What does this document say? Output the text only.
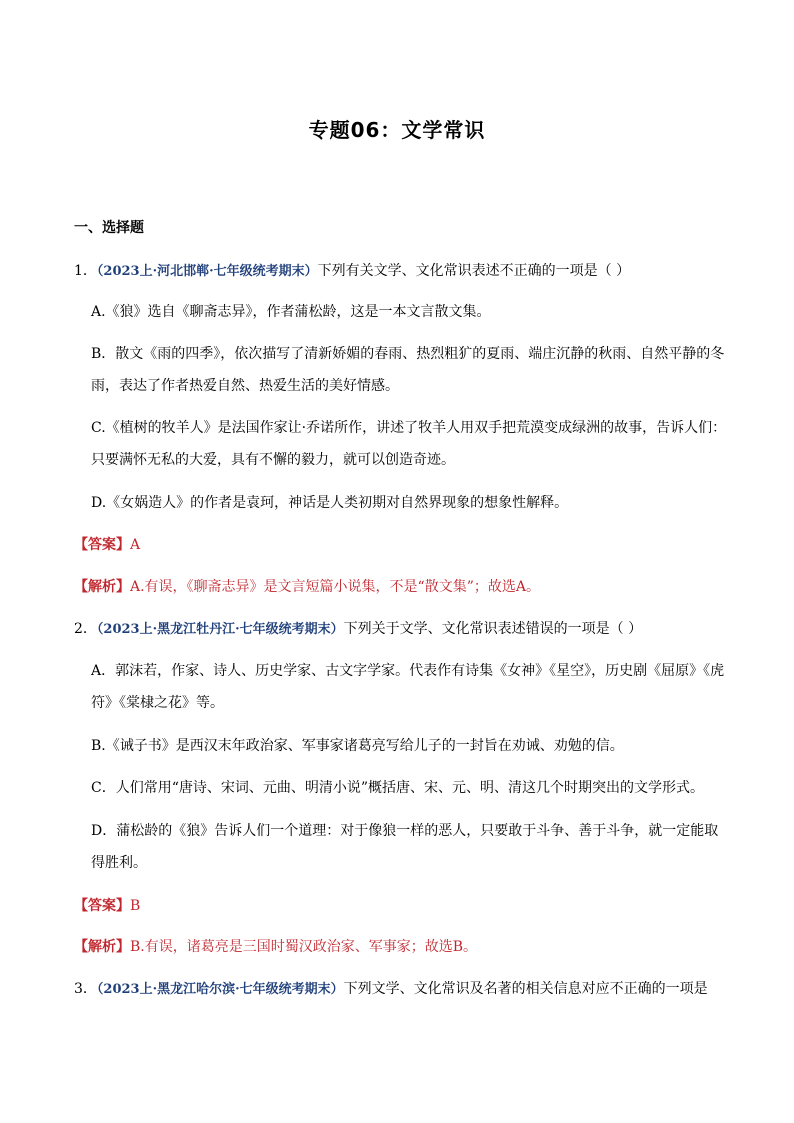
专题06：文学常识
一、选择题
1．（2023上·河北邯郸·七年级统考期末）下列有关文学、文化常识表述不正确的一项是（ ）
A.《狼》选自《聊斋志异》，作者蒲松龄，这是一本文言散文集。
B．散文《雨的四季》，依次描写了清新娇媚的春雨、热烈粗犷的夏雨、端庄沉静的秋雨、自然平静的冬
雨，表达了作者热爱自然、热爱生活的美好情感。
C.《植树的牧羊人》是法国作家让·乔诺所作，讲述了牧羊人用双手把荒漠变成绿洲的故事，告诉人们：
只要满怀无私的大爱，具有不懈的毅力，就可以创造奇迹。
D.《女娲造人》的作者是袁珂，神话是人类初期对自然界现象的想象性解释。
【答案】A
【解析】A.有误，《聊斋志异》是文言短篇小说集，不是“散文集”；故选A。
2．（2023上·黑龙江牡丹江·七年级统考期末）下列关于文学、文化常识表述错误的一项是（ ）
A．郭沫若，作家、诗人、历史学家、古文字学家。代表作有诗集《女神》《星空》，历史剧《屈原》《虎
符》《棠棣之花》等。
B.《诫子书》是西汉末年政治家、军事家诸葛亮写给儿子的一封旨在劝诫、劝勉的信。
C．人们常用“唐诗、宋词、元曲、明清小说”概括唐、宋、元、明、清这几个时期突出的文学形式。
D．蒲松龄的《狼》告诉人们一个道理：对于像狼一样的恶人，只要敢于斗争、善于斗争，就一定能取
得胜利。
【答案】B
【解析】B.有误，诸葛亮是三国时蜀汉政治家、军事家；故选B。
3．（2023上·黑龙江哈尔滨·七年级统考期末）下列文学、文化常识及名著的相关信息对应不正确的一项是
